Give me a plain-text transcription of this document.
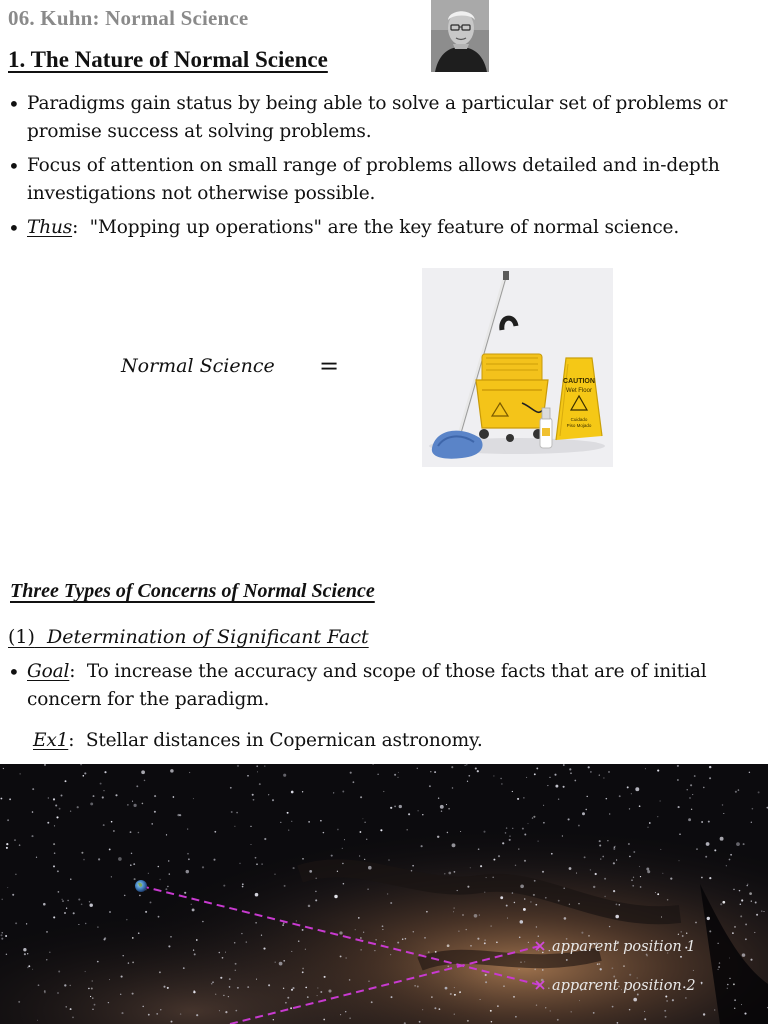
06. Kuhn: Normal Science
1. The Nature of Normal Science
• Paradigms gain status by being able to solve a particular set of problems or promise success at solving problems.
• Focus of attention on small range of problems allows detailed and in-depth investigations not otherwise possible.
• Thus: "Mopping up operations" are the key feature of normal science.
Normal Science =
CAUTION
Wet Floor
Cuidado
Piso Mojado
Three Types of Concerns of Normal Science
(1) Determination of Significant Fact
• Goal: To increase the accuracy and scope of those facts that are of initial concern for the paradigm.
Ex1: Stellar distances in Copernican astronomy.
apparent position 1
apparent position 2
